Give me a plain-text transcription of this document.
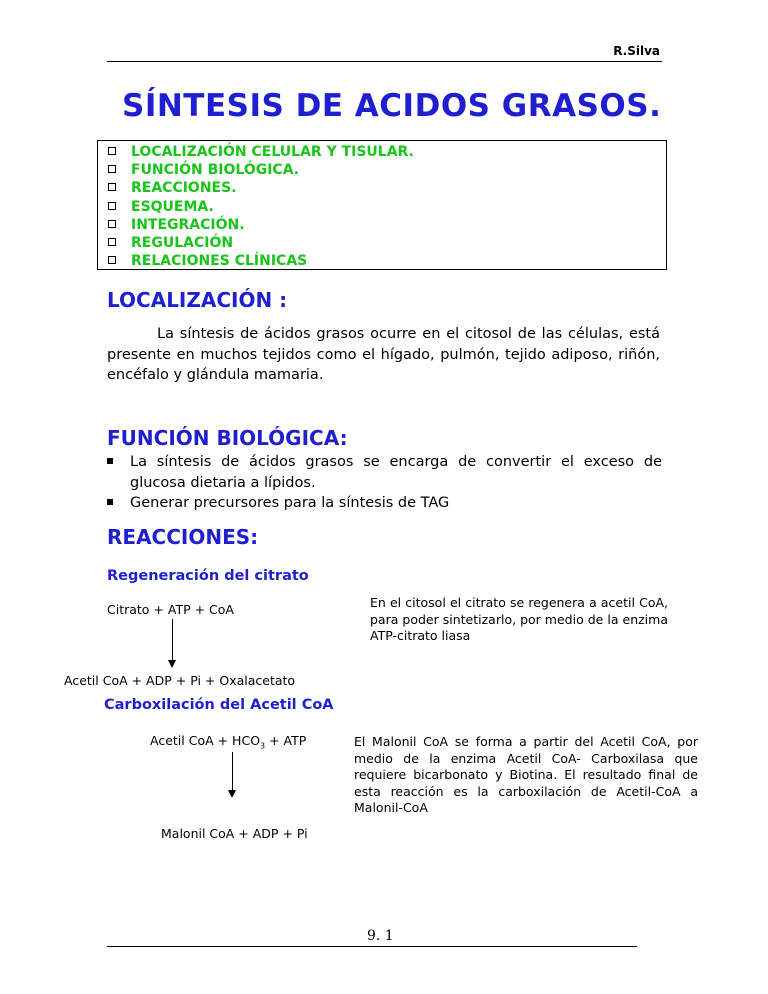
R.Silva
SÍNTESIS DE ACIDOS GRASOS.
LOCALIZACIÓN CELULAR Y TISULAR.
FUNCIÓN BIOLÓGICA.
REACCIONES.
ESQUEMA.
INTEGRACIÓN.
REGULACIÓN
RELACIONES CLÍNICAS
LOCALIZACIÓN :
La síntesis de ácidos grasos ocurre en el citosol de las células, está presente en muchos tejidos como el hígado, pulmón, tejido adiposo, riñón, encéfalo y glándula mamaria.
FUNCIÓN BIOLÓGICA:
La síntesis de ácidos grasos se encarga de convertir el exceso de glucosa dietaria a lípidos.
Generar precursores para la síntesis de TAG
REACCIONES:
Regeneración del citrato
Citrato + ATP + CoA
Acetil CoA + ADP + Pi + Oxalacetato
En el citosol el citrato se regenera a acetil CoA, para poder sintetizarlo, por medio de la enzima ATP-citrato liasa
Carboxilación del Acetil CoA
Acetil CoA + $HCO_3$ + ATP
Malonil CoA + ADP + Pi
El Malonil CoA se forma a partir del Acetil CoA, por medio de la enzima Acetil CoA- Carboxilasa que requiere bicarbonato y Biotina. El resultado final de esta reacción es la carboxilación de Acetil-CoA a Malonil-CoA
9. 1
